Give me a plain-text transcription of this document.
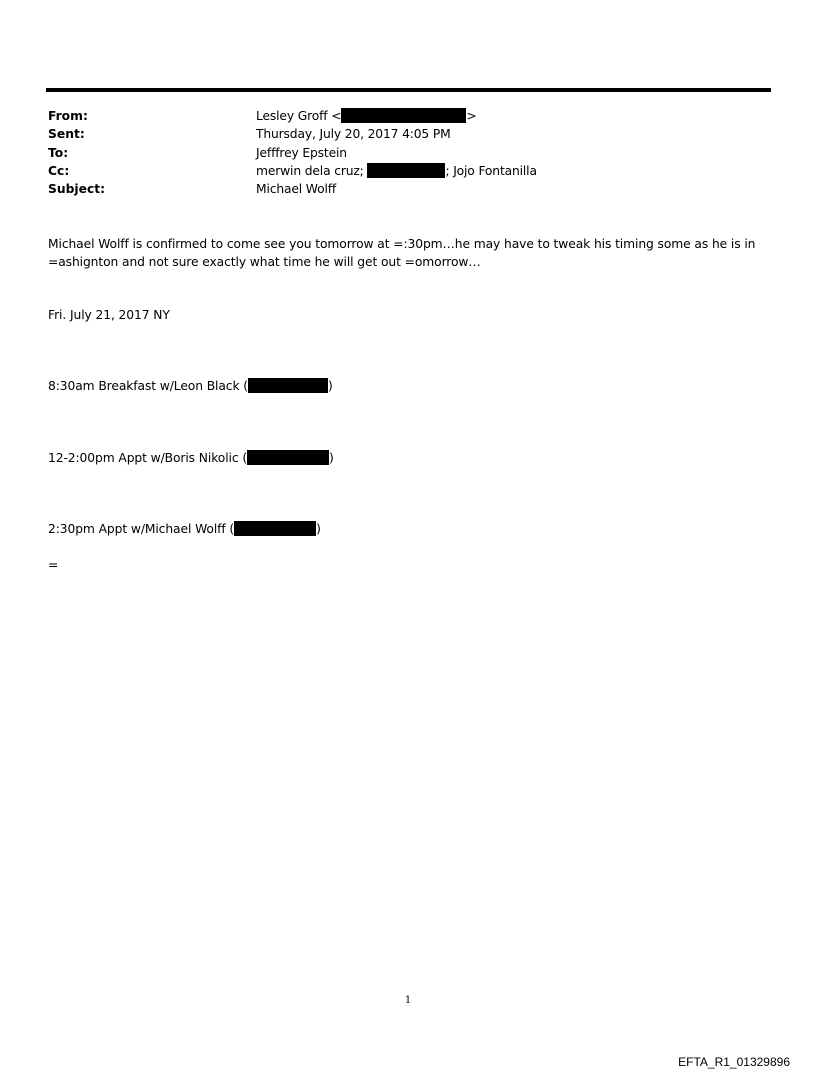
From:	Lesley Groff <	>
Sent:	Thursday, July 20, 2017 4:05 PM
To:	Jefffrey Epstein
Cc:	merwin dela cruz;	; Jojo Fontanilla
Subject:	Michael Wolff
Michael Wolff is confirmed to come see you tomorrow at =:30pm…he may have to tweak his timing some as he is in
=ashignton and not sure exactly what time he will get out =omorrow…
Fri. July 21, 2017 NY
8:30am Breakfast w/Leon Black (	)
12-2:00pm Appt w/Boris Nikolic (	)
2:30pm Appt w/Michael Wolff (	)
=
1
EFTA_R1_01329896
